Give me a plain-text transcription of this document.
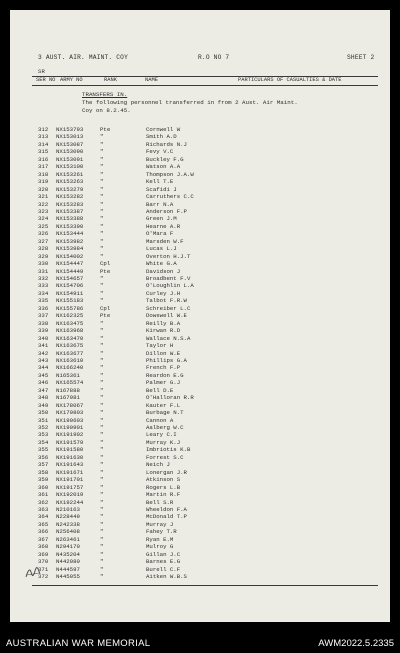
3 AUST. AIR. MAINT. COY	R.O NO 7	SHEET 2
SR
SER NO ARMY NO	RANK	NAME	PARTICULARS OF CASUALTIES & DATE
TRANSFERS IN.
The following personnel transferred in from 2 Aust. Air Maint.
Coy on 8.2.45.
312 NX153793	Pte	Cornwell W
313 NX153013	"	Smith A.D
314 NX153087	"	Richards N.J
315 NX153090	"	Fevy V.C
316 NX153091	"	Buckley F.G
317 NX153100	"	Watson A.A
318 NX153261	"	Thompson J.A.W
319 NX153263	"	Kell T.E
320 NX153279	"	Scafidi J
321 NX153282	"	Carruthers C.C
322 NX153283	"	Barr N.A
323 NX153387	"	Anderson F.P
324 NX153388	"	Green J.M
325 NX153390	"	Hearne A.R
326 NX153444	"	O'Mara F
327 NX153982	"	Marsden W.F
328 NX153984	"	Lucas L.J
329 NX154002	"	Overton H.J.T
330 NX154447	Cpl	White G.A
331 NX154449	Pte	Davidson J
332 NX154657	"	Broadbent F.V
333 NX154706	"	O'Loughlin L.A
334 NX154911	"	Curley J.H
335 NX155183	"	Talbot F.R.W
336 NX155786	Cpl	Schreiber L.C
337 NX162325	Pte	Dowswell W.E
338 NX163475	"	Reilly B.A
339 NX163968	"	Kirwan R.D
340 NX163470	"	Wallace N.S.A
341 NX163675	"	Taylor H
342 NX163677	"	Dillon W.E
343 NX163610	"	Phillips G.A
344 NX166240	"	French F.P
345 N165361	"	Reardon E.G
346 NX165574	"	Palmer G.J
347 N167888	"	Bell D.E
348 N167981	"	O'Halloran R.R
349 NX178067	"	Kauter F.L
350 NX179803	"	Burbage N.T
351 NX190603	"	Cannon A
352 NX190901	"	Aalberg W.C
353 NX191902	"	Leary C.I
354 NX191579	"	Murray K.J
355 NX191580	"	Imbriotis K.B
356 NX191630	"	Forrest S.C
357 NX191643	"	Neich J
358 NX191671	"	Lonergan J.R
359 NX191701	"	Atkinson S
360 NX191757	"	Rogers L.B
361 NX192019	"	Martin R.F
362 NX192244	"	Bell S.R
363 N210163	"	Wheeldon F.A
364 N228449	"	McDonald T.P
365 N242338	"	Murray J
366 N256408	"	Fahey T.R
367 N263461	"	Ryan E.M
368 N294170	"	Mulroy G
369 N435204	"	Gillan J.C
370 N442080	"	Barnes E.G
371 N444597	"	Burell C.F
372 N445055	"	Aitken W.B.S
AUSTRALIAN WAR MEMORIAL	AWM2022.5.2335
